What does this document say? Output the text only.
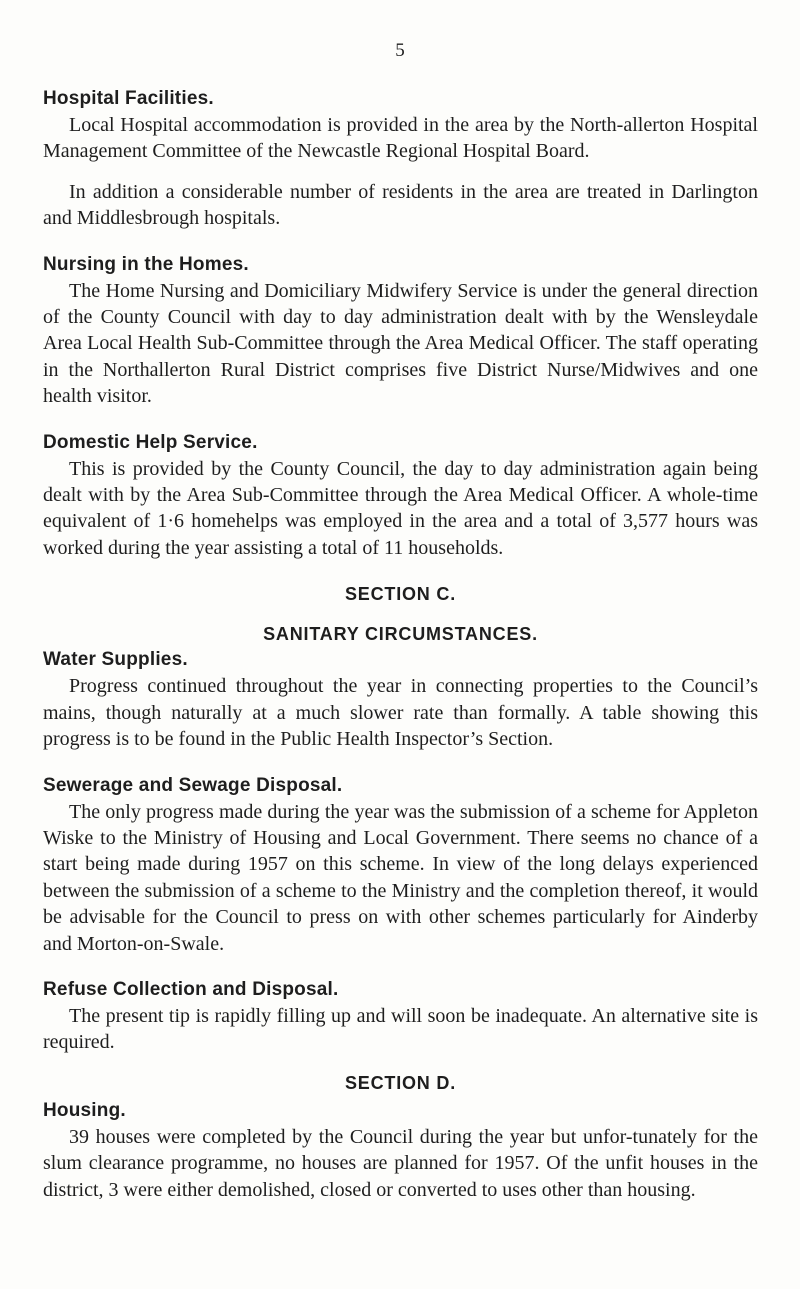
5
Hospital Facilities.

Local Hospital accommodation is provided in the area by the North-allerton Hospital Management Committee of the Newcastle Regional Hospital Board.

In addition a considerable number of residents in the area are treated in Darlington and Middlesbrough hospitals.

Nursing in the Homes.

The Home Nursing and Domiciliary Midwifery Service is under the general direction of the County Council with day to day administration dealt with by the Wensleydale Area Local Health Sub-Committee through the Area Medical Officer. The staff operating in the Northallerton Rural District comprises five District Nurse/Midwives and one health visitor.

Domestic Help Service.

This is provided by the County Council, the day to day administration again being dealt with by the Area Sub-Committee through the Area Medical Officer. A whole-time equivalent of 1·6 homehelps was employed in the area and a total of 3,577 hours was worked during the year assisting a total of 11 households.

SECTION C.
SANITARY CIRCUMSTANCES.
Water Supplies.

Progress continued throughout the year in connecting properties to the Council’s mains, though naturally at a much slower rate than formally. A table showing this progress is to be found in the Public Health Inspector’s Section.

Sewerage and Sewage Disposal.

The only progress made during the year was the submission of a scheme for Appleton Wiske to the Ministry of Housing and Local Government. There seems no chance of a start being made during 1957 on this scheme. In view of the long delays experienced between the submission of a scheme to the Ministry and the completion thereof, it would be advisable for the Council to press on with other schemes particularly for Ainderby and Morton-on-Swale.

Refuse Collection and Disposal.

The present tip is rapidly filling up and will soon be inadequate. An alternative site is required.

SECTION D.
Housing.

39 houses were completed by the Council during the year but unfor-tunately for the slum clearance programme, no houses are planned for 1957. Of the unfit houses in the district, 3 were either demolished, closed or converted to uses other than housing.
